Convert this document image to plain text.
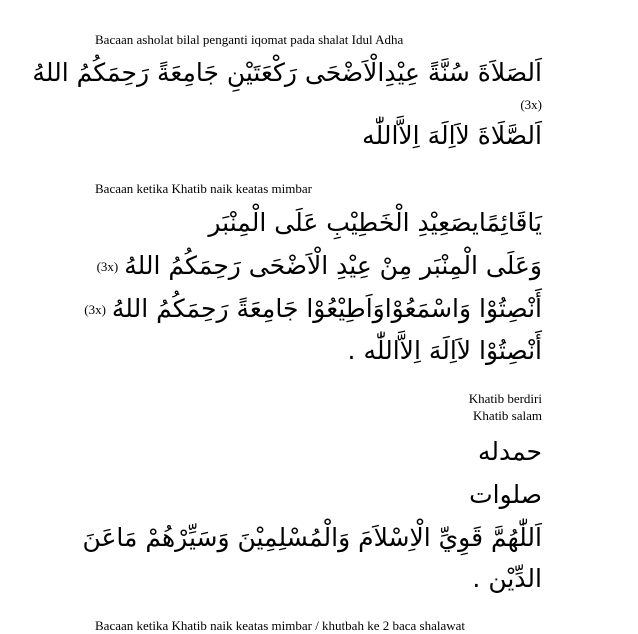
Bacaan asholat bilal penganti iqomat pada shalat Idul Adha
اَلصَلاَةَ سُنَّةً عِيْدِالْاَضْحَى رَكْعَتَيْنِ جَامِعَةً رَحِمَكُمُ اللهُ
(3x)
اَلصَّلَاةَ لاَاِلَهَ اِلاَّاللّٰه
Bacaan ketika Khatib naik keatas mimbar
يَاقَائِمًايصَعِيْدِ الْخَطِيْبِ عَلَى الْمِنْبَر
وَعَلَى الْمِنْبَر مِنْ عِيْدِ الْاَضْحَى رَحِمَكُمُ اللهُ(3x)
أَنْصِتُوْا وَاسْمَعُوْاوَاَطِيْعُوْا جَامِعَةً رَحِمَكُمُ اللهُ(3x)
أَنْصِتُوْا لاَاِلَهَ اِلاَّاللّٰه .
Khatib berdiri
Khatib salam
حمدله
صلوات
اَللّٰهُمَّ قَوِيِّ الْاِسْلاَمَ وَالْمُسْلِمِيْنَ وَسَيِّرْهُمْ مَاعَنَ
الدِّيْن .
Bacaan ketika Khatib naik keatas mimbar / khutbah ke 2 baca shalawat
